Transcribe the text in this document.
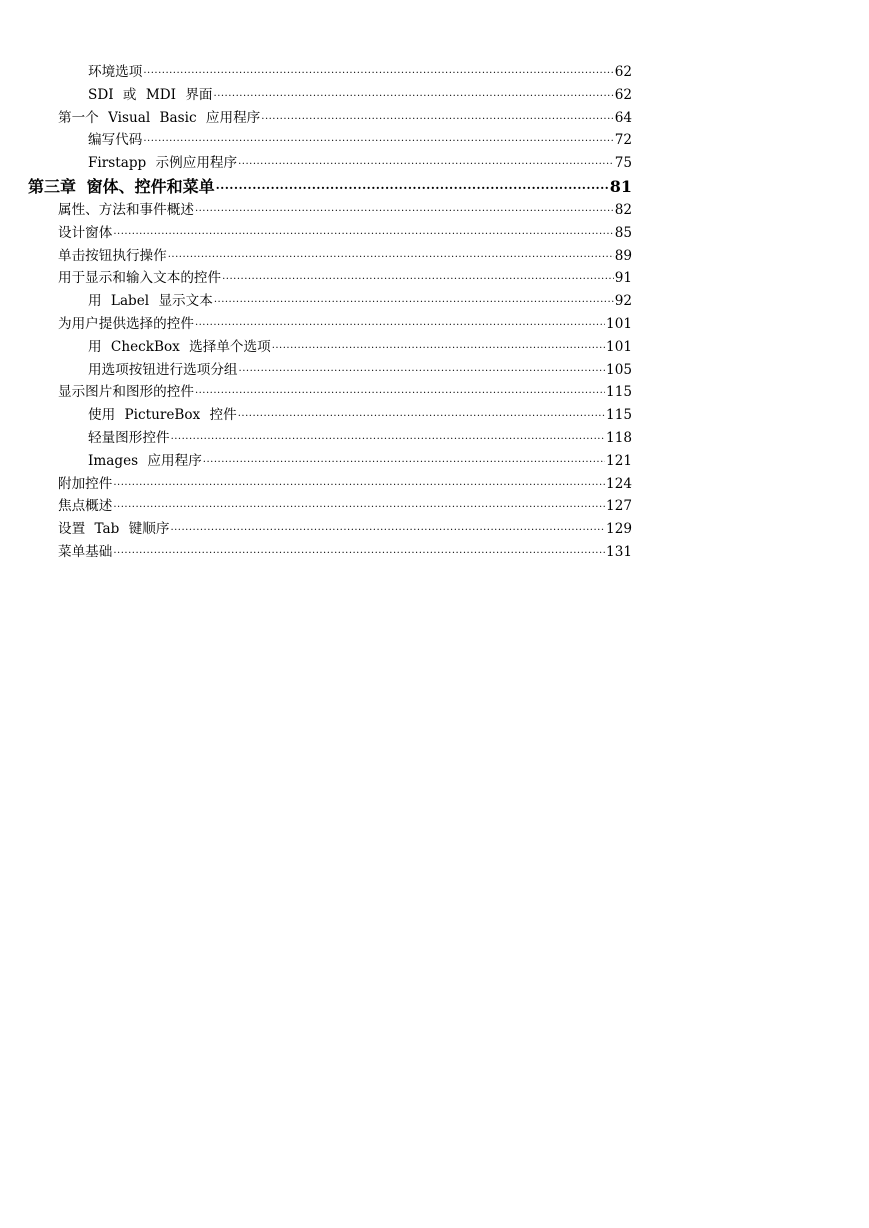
环境选项 .....	62
SDI 或 MDI 界面 .....	62
第一个 Visual Basic 应用程序 .....	64
编写代码 .....	72
Firstapp 示例应用程序 .....	75
第三章 窗体、控件和菜单 .....	81
属性、方法和事件概述 .....	82
设计窗体 .....	85
单击按钮执行操作 .....	89
用于显示和输入文本的控件 .....	91
用 Label 显示文本 .....	92
为用户提供选择的控件 .....	101
用 CheckBox 选择单个选项 .....	101
用选项按钮进行选项分组 .....	105
显示图片和图形的控件 .....	115
使用 PictureBox 控件 .....	115
轻量图形控件 .....	118
Images 应用程序 .....	121
附加控件 .....	124
焦点概述 .....	127
设置 Tab 键顺序 .....	129
菜单基础 .....	131
